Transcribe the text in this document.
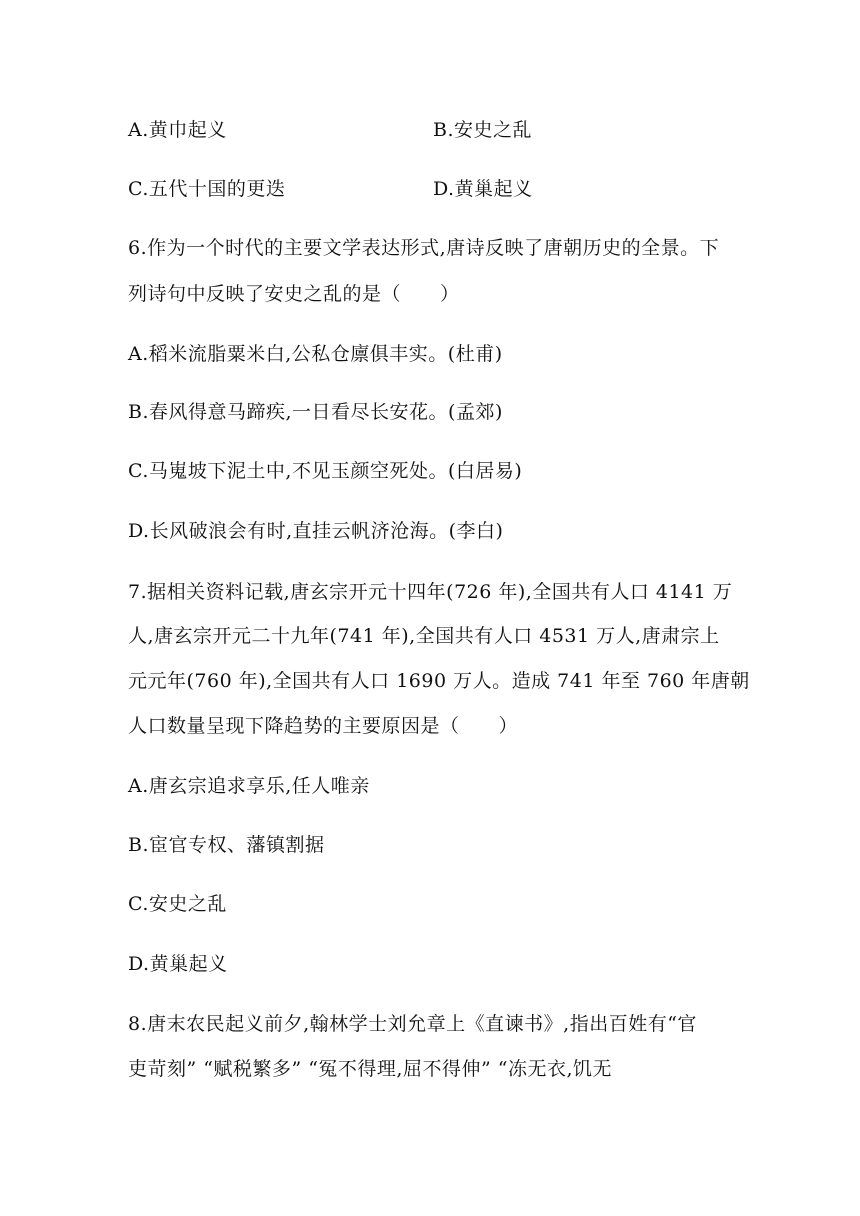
A.黄巾起义	B.安史之乱
C.五代十国的更迭	D.黄巢起义
6.作为一个时代的主要文学表达形式,唐诗反映了唐朝历史的全景。下
列诗句中反映了安史之乱的是（　　）
A.稻米流脂粟米白,公私仓廪俱丰实。(杜甫)
B.春风得意马蹄疾,一日看尽长安花。(孟郊)
C.马嵬坡下泥土中,不见玉颜空死处。(白居易)
D.长风破浪会有时,直挂云帆济沧海。(李白)
7.据相关资料记载,唐玄宗开元十四年(726 年),全国共有人口 4141 万
人,唐玄宗开元二十九年(741 年),全国共有人口 4531 万人,唐肃宗上
元元年(760 年),全国共有人口 1690 万人。造成 741 年至 760 年唐朝
人口数量呈现下降趋势的主要原因是（　　）
A.唐玄宗追求享乐,任人唯亲
B.宦官专权、藩镇割据
C.安史之乱
D.黄巢起义
8.唐末农民起义前夕,翰林学士刘允章上《直谏书》,指出百姓有“官
吏苛刻” “赋税繁多” “冤不得理,屈不得伸” “冻无衣,饥无
